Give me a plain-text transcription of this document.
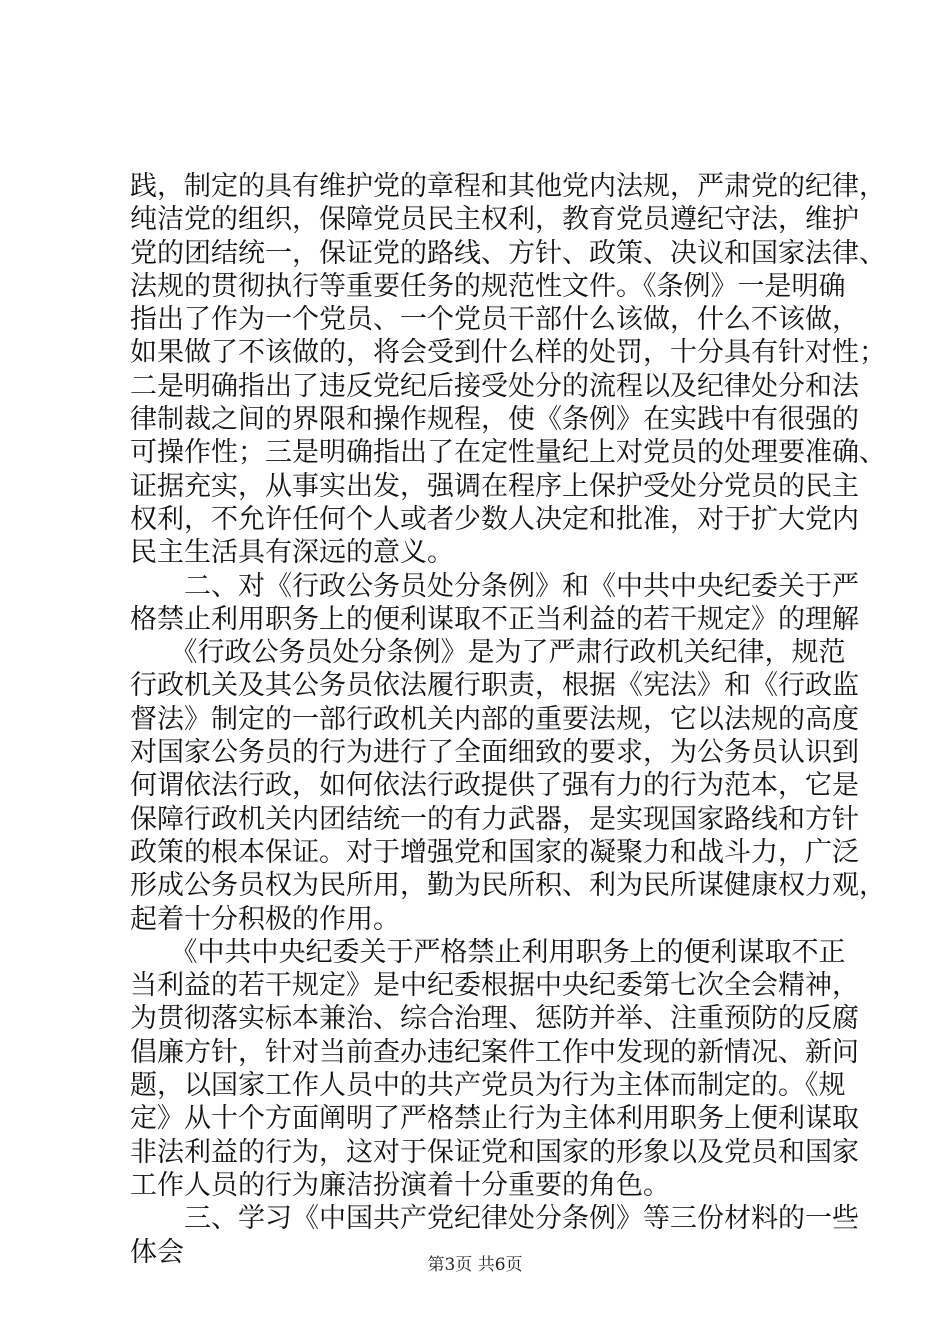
践，制定的具有维护党的章程和其他党内法规，严肃党的纪律，
纯洁党的组织，保障党员民主权利，教育党员遵纪守法，维护
党的团结统一，保证党的路线、方针、政策、决议和国家法律、
法规的贯彻执行等重要任务的规范性文件。《条例》一是明确
指出了作为一个党员、一个党员干部什么该做，什么不该做，
如果做了不该做的，将会受到什么样的处罚，十分具有针对性；
二是明确指出了违反党纪后接受处分的流程以及纪律处分和法
律制裁之间的界限和操作规程，使《条例》在实践中有很强的
可操作性；三是明确指出了在定性量纪上对党员的处理要准确、
证据充实，从事实出发，强调在程序上保护受处分党员的民主
权利，不允许任何个人或者少数人决定和批准，对于扩大党内
民主生活具有深远的意义。
　　二、对《行政公务员处分条例》和《中共中央纪委关于严
格禁止利用职务上的便利谋取不正当利益的若干规定》的理解
　　《行政公务员处分条例》是为了严肃行政机关纪律，规范
行政机关及其公务员依法履行职责，根据《宪法》和《行政监
督法》制定的一部行政机关内部的重要法规，它以法规的高度
对国家公务员的行为进行了全面细致的要求，为公务员认识到
何谓依法行政，如何依法行政提供了强有力的行为范本，它是
保障行政机关内团结统一的有力武器，是实现国家路线和方针
政策的根本保证。对于增强党和国家的凝聚力和战斗力，广泛
形成公务员权为民所用，勤为民所积、利为民所谋健康权力观，
起着十分积极的作用。
　　《中共中央纪委关于严格禁止利用职务上的便利谋取不正
当利益的若干规定》是中纪委根据中央纪委第七次全会精神，
为贯彻落实标本兼治、综合治理、惩防并举、注重预防的反腐
倡廉方针，针对当前查办违纪案件工作中发现的新情况、新问
题，以国家工作人员中的共产党员为行为主体而制定的。《规
定》从十个方面阐明了严格禁止行为主体利用职务上便利谋取
非法利益的行为，这对于保证党和国家的形象以及党员和国家
工作人员的行为廉洁扮演着十分重要的角色。
　　三、学习《中国共产党纪律处分条例》等三份材料的一些
体会	第3页 共6页
